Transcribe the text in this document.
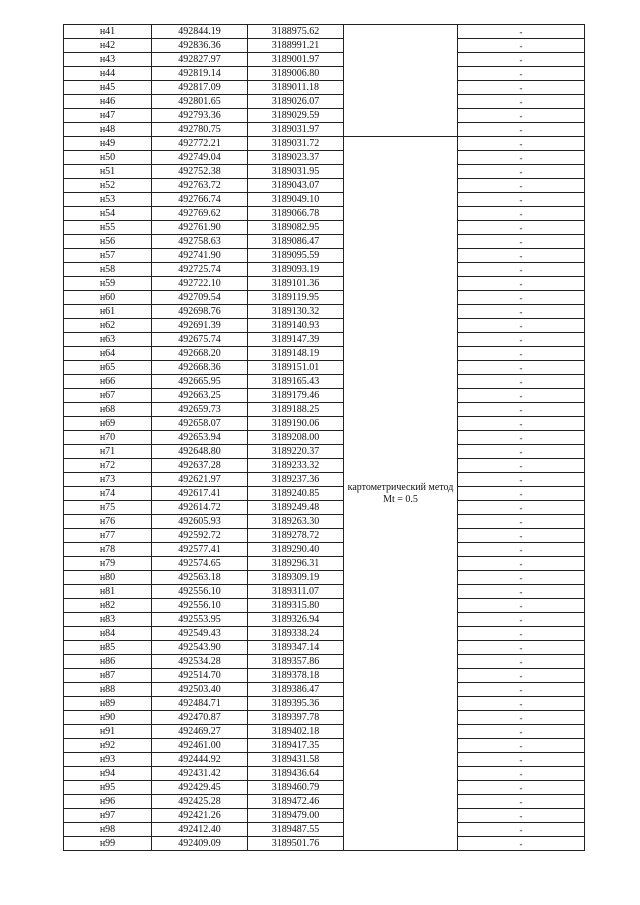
н41	492844.19	3188975.62		-
н42	492836.36	3188991.21		-
н43	492827.97	3189001.97		-
н44	492819.14	3189006.80		-
н45	492817.09	3189011.18		-
н46	492801.65	3189026.07		-
н47	492793.36	3189029.59		-
н48	492780.75	3189031.97		-
н49	492772.21	3189031.72	картометрический метод Mt = 0.5	-
н50	492749.04	3189023.37		-
н51	492752.38	3189031.95		-
н52	492763.72	3189043.07		-
н53	492766.74	3189049.10		-
н54	492769.62	3189066.78		-
н55	492761.90	3189082.95		-
н56	492758.63	3189086.47		-
н57	492741.90	3189095.59		-
н58	492725.74	3189093.19		-
н59	492722.10	3189101.36		-
н60	492709.54	3189119.95		-
н61	492698.76	3189130.32		-
н62	492691.39	3189140.93		-
н63	492675.74	3189147.39		-
н64	492668.20	3189148.19		-
н65	492668.36	3189151.01		-
н66	492665.95	3189165.43		-
н67	492663.25	3189179.46		-
н68	492659.73	3189188.25		-
н69	492658.07	3189190.06		-
н70	492653.94	3189208.00		-
н71	492648.80	3189220.37		-
н72	492637.28	3189233.32		-
н73	492621.97	3189237.36		-
н74	492617.41	3189240.85		-
н75	492614.72	3189249.48		-
н76	492605.93	3189263.30		-
н77	492592.72	3189278.72		-
н78	492577.41	3189290.40		-
н79	492574.65	3189296.31		-
н80	492563.18	3189309.19		-
н81	492556.10	3189311.07		-
н82	492556.10	3189315.80		-
н83	492553.95	3189326.94		-
н84	492549.43	3189338.24		-
н85	492543.90	3189347.14		-
н86	492534.28	3189357.86		-
н87	492514.70	3189378.18		-
н88	492503.40	3189386.47		-
н89	492484.71	3189395.36		-
н90	492470.87	3189397.78		-
н91	492469.27	3189402.18		-
н92	492461.00	3189417.35		-
н93	492444.92	3189431.58		-
н94	492431.42	3189436.64		-
н95	492429.45	3189460.79		-
н96	492425.28	3189472.46		-
н97	492421.26	3189479.00		-
н98	492412.40	3189487.55		-
н99	492409.09	3189501.76		-
